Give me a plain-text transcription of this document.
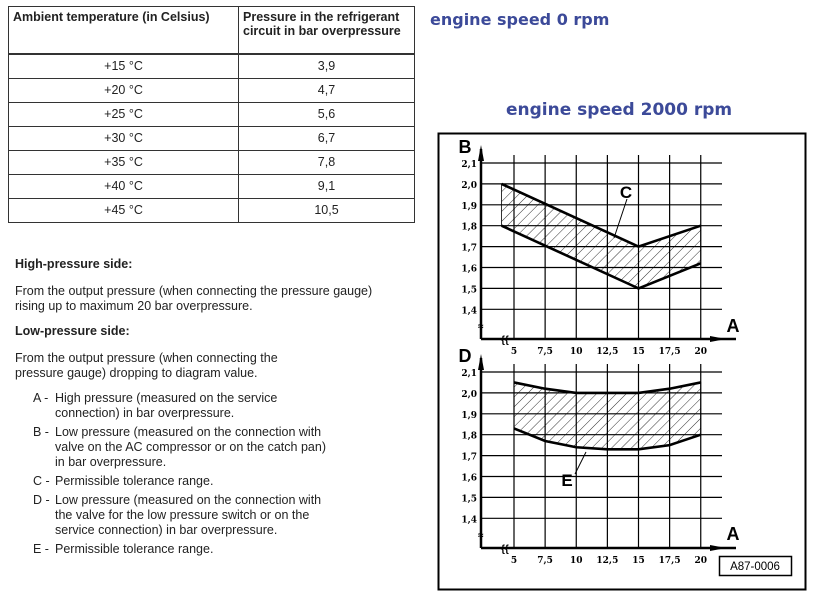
Ambient temperature (in Celsius)	Pressure in the refrigerant circuit in bar overpressure
+15 °C	3,9
+20 °C	4,7
+25 °C	5,6
+30 °C	6,7
+35 °C	7,8
+40 °C	9,1
+45 °C	10,5
High-pressure side:
From the output pressure (when connecting the pressure gauge)
rising up to maximum 20 bar overpressure.
Low-pressure side:
From the output pressure (when connecting the
pressure gauge) dropping to diagram value.
A - High pressure (measured on the service connection) in bar overpressure.
B - Low pressure (measured on the connection with valve on the AC compressor or on the catch pan) in bar overpressure.
C - Permissible tolerance range.
D - Low pressure (measured on the connection with the valve for the low pressure switch or on the service connection) in bar overpressure.
E - Permissible tolerance range.
engine speed 0 rpm
engine speed 2000 rpm
A87-0006
2,1
2,0
1,9
1,8
1,7
1,6
1,5
1,4
5 7,5 10 12,5 15 17,5 20
≈
{{
B
A
C
2,1
2,0
1,9
1,8
1,7
1,6
1,5
1,4
5 7,5 10 12,5 15 17,5 20
≈
{{
D
A
E
